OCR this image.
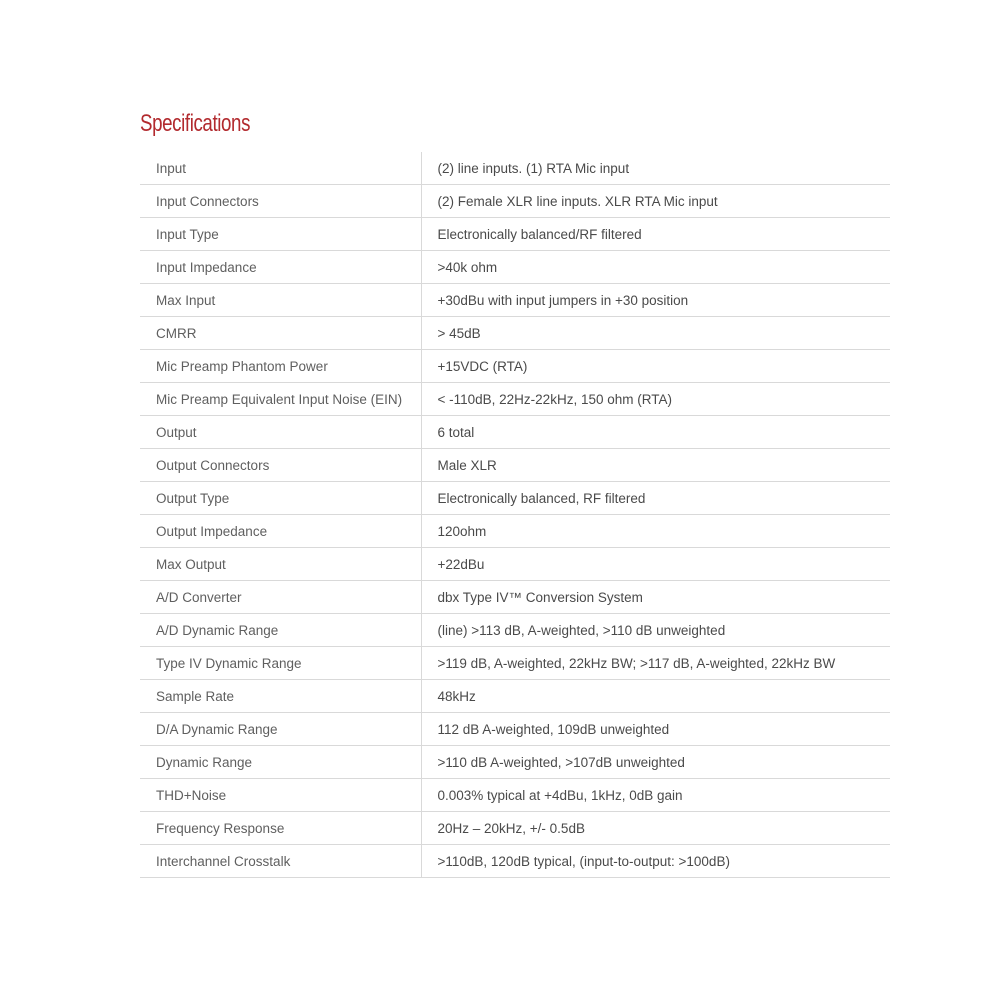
Specifications
Input	(2) line inputs. (1) RTA Mic input
Input Connectors	(2) Female XLR line inputs. XLR RTA Mic input
Input Type	Electronically balanced/RF filtered
Input Impedance	>40k ohm
Max Input	+30dBu with input jumpers in +30 position
CMRR	> 45dB
Mic Preamp Phantom Power	+15VDC (RTA)
Mic Preamp Equivalent Input Noise (EIN)	< -110dB, 22Hz-22kHz, 150 ohm (RTA)
Output	6 total
Output Connectors	Male XLR
Output Type	Electronically balanced, RF filtered
Output Impedance	120ohm
Max Output	+22dBu
A/D Converter	dbx Type IV™ Conversion System
A/D Dynamic Range	(line) >113 dB, A-weighted, >110 dB unweighted
Type IV Dynamic Range	>119 dB, A-weighted, 22kHz BW; >117 dB, A-weighted, 22kHz BW
Sample Rate	48kHz
D/A Dynamic Range	112 dB A-weighted, 109dB unweighted
Dynamic Range	>110 dB A-weighted, >107dB unweighted
THD+Noise	0.003% typical at +4dBu, 1kHz, 0dB gain
Frequency Response	20Hz – 20kHz, +/- 0.5dB
Interchannel Crosstalk	>110dB, 120dB typical, (input-to-output: >100dB)
